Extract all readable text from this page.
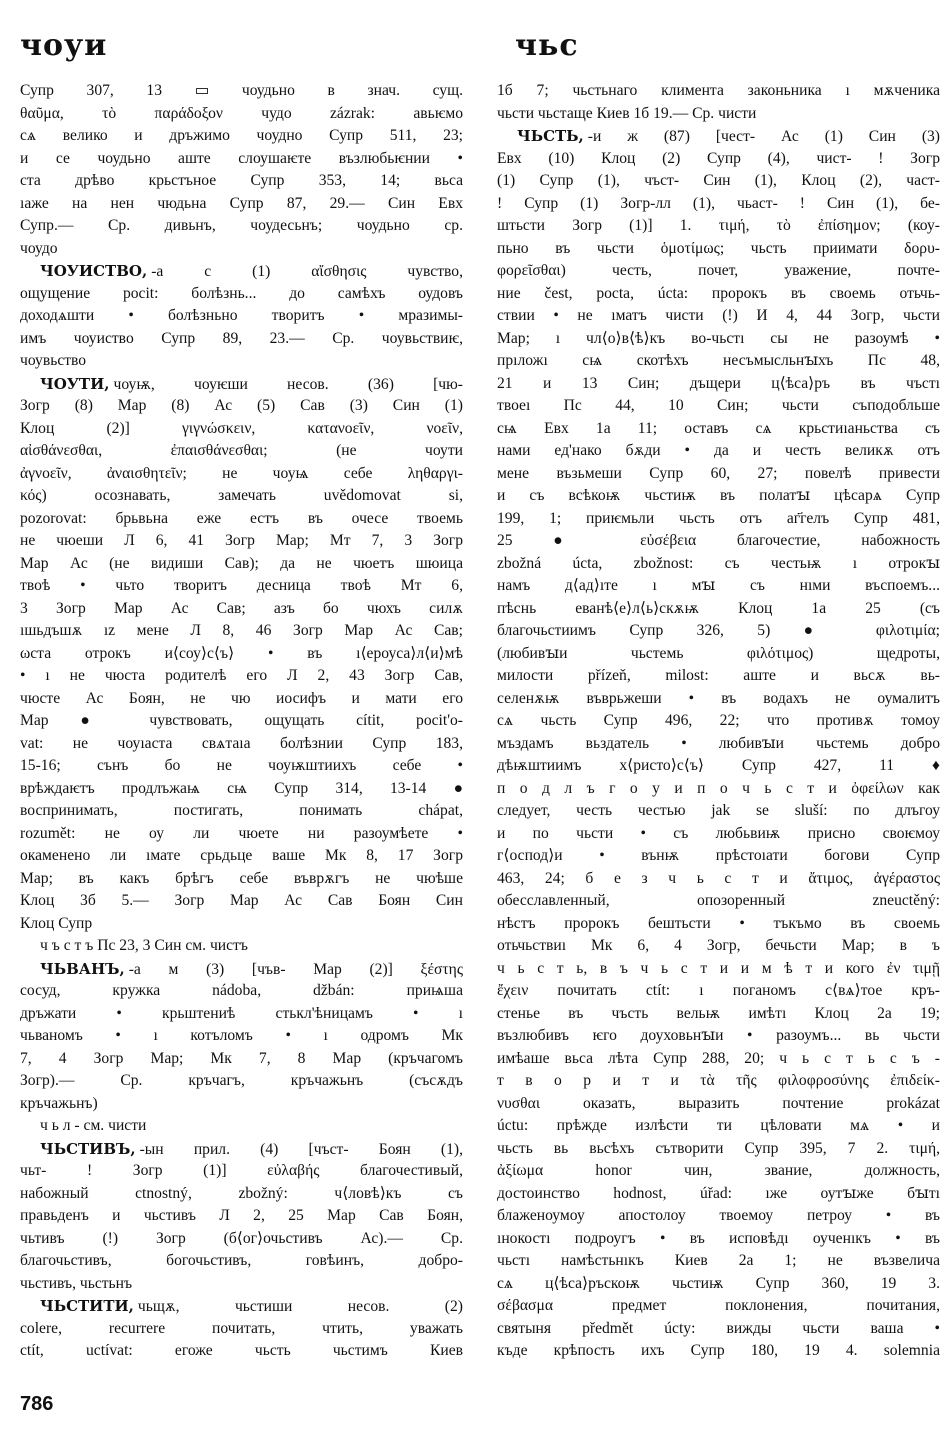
чоуи	чьс
Супр 307, 13 ▭ чоудьно в знач. сущ.
θαῦμα, τὸ παράδοξον чудо zázrak: авьѥмо
сѧ велико и дръжимо чоудно Супр 511, 23;
и се чоудьно аште слоушаѥте възлюбьѥнии •
ста дрѣво крьстъное Супр 353, 14; вьса
ıаже на нен чюдьна Супр 87, 29.— Син Евх
Супр.— Ср. дивьнъ, чоудесьнъ; чоудьно ср.
чоудо
ЧОУИСТВО, -а с (1) αἴσθησις чувство,
ощущение pocit: болѣзнь... до самѣхъ оудовъ
доходѧшти • болѣзньно творитъ • мразимы-
имъ чоуиство Супр 89, 23.— Ср. чоувьствиѥ,
чоувьство
ЧОУТИ, чоуѭ, чоуѥши несов. (36) [чю-
Зогр (8) Мар (8) Ас (5) Сав (3) Син (1)
Клоц (2)] γιγνώσκειν, κατανοεῖν, νοεῖν,
αἰσθάνεσθαι, ἐπαισθάνεσθαι; (не чоути
ἀγνοεῖν, ἀναισθητεῖν; не чоуѩ себе ληθαργι-
κός) осознавать, замечать uvědomovat si,
pozorovat: брьвьна еже естъ въ очесе твоемь
не чюеши Л 6, 41 Зогр Мар; Мт 7, 3 Зогр
Мар Ас (не видиши Сав); да не чюетъ шюица
твоѣ • чьто творитъ десница твоѣ Мт 6,
3 Зогр Мар Ас Сав; азъ бо чюхъ силѫ
ıшьдъшѫ ız мене Л 8, 46 Зогр Мар Ас Сав;
ωста отрокъ и⟨соу⟩с⟨ъ⟩ • въ ı⟨ероуса⟩л⟨и⟩мѣ
• ı не чюста родителѣ его Л 2, 43 Зогр Сав,
чюсте Ас Боян, не чю иосифъ и мати его
Мар ● чувствовать, ощущать cítit, pocit'o-
vat: не чоуıаста свѧтаıа болѣзнии Супр 183,
15-16; сънъ бо не чоуѭштиихъ себе •
врѣждаѥтъ продлъжаѩ сѩ Супр 314, 13-14 ●
воспринимать, постигать, понимать chápat,
rozumět: не оу ли чюете ни разоумѣете •
окаменено ли ıмате срьдьце ваше Мк 8, 17 Зогр
Мар; въ какъ брѣгъ себе въврѫгъ не чюѣше
Клоц 3б 5.— Зогр Мар Ас Сав Боян Син
Клоц Супр
ч ъ с т ъ Пс 23, 3 Син см. чистъ
ЧЬВАНЪ, -а м (3) [чъв- Мар (2)] ξέστης
сосуд, кружка nádoba, džbán: приѩша
дръжати • крьштениѣ стькл'ѣницамъ • ı
чьваномъ • ı котъломъ • ı одромъ Мк
7, 4 Зогр Мар; Мк 7, 8 Мар (кръчагомъ
Зогр).— Ср. кръчагъ, кръчажьнъ (съсѫдъ
кръчажьнъ)
ч ь л - см. чисти
ЧЬСТИВЪ, -ын прил. (4) [чъст- Боян (1),
чьт- ! Зогр (1)] εὐλαβής благочестивый,
набожный ctnostný, zbožný: ч⟨ловѣ⟩къ съ
правьденъ и чьстивъ Л 2, 25 Мар Сав Боян,
чьтивъ (!) Зогр (б⟨ог⟩очьстивъ Ас).— Ср.
благочьстивъ, богочьстивъ, говѣинъ, добро-
чьстивъ, чьстьнъ
ЧЬСТИТИ, чьщѫ, чьстиши несов. (2)
colere, recurrere почитать, чтить, уважать
ctít, uctívat: егоже чьсть чьстимъ Киев
1б 7; чьстьнаго климента законьника ı мѫченика
чьсти чьстаще Киев 1б 19.— Ср. чисти
ЧЬСТЬ, -и ж (87) [чест- Ас (1) Син (3)
Евх (10) Клоц (2) Супр (4), чист- ! Зогр
(1) Супр (1), чъст- Син (1), Клоц (2), част-
! Супр (1) Зогр-лл (1), чьаст- ! Син (1), бе-
штьсти Зогр (1)] 1. τιμή, τὸ ἐπίσημον; (коу-
пьно въ чьсти ὁμοτίμως; чьсть приимати δορυ-
φορεῖσθαι) честь, почет, уважение, почте-
ние čest, pocta, úcta: пророкъ въ своемь отьчь-
ствии • не ıматъ чисти (!) И 4, 44 Зогр, чьсти
Мар; ı чл⟨о⟩в⟨ѣ⟩къ во-чьстı сы не разоумѣ •
прıложı сѩ скотѣхъ несъмысльнꙑхъ Пс 48,
21 и 13 Син; дъщери ц⟨ѣса⟩ръ въ чъстı
твоеı Пс 44, 10 Син; чьсти съподобльше
сѩ Евх 1а 11; оставъ сѧ крьстиıаньства съ
нами ед'нако бѫди • да и честь великѫ отъ
мене възьмеши Супр 60, 27; повелѣ привести
и съ всѣкоѭ чьстиѭ въ полатꙑ цѣсарѧ Супр
199, 1; приѥмьли чьсть отъ аг҃гелъ Супр 481,
25 ● εὐσέβεια благочестие, набожность
zbožná úcta, zbožnost: съ честьѭ ı отрокꙑ
намъ д⟨ад⟩ıте ı мꙑ съ нıми въспоемъ...
пѣснь еванѣ⟨е⟩л⟨ь⟩скѫѭ Клоц 1а 25 (съ
благочьстиимъ Супр 326, 5) ● φιλοτιμία;
(любивꙑи чьстемь φιλότιμος) щедроты,
милости přízeň, milost: аште и вьсѫ вь-
селенѫѭ въврьжеши • въ водахъ не оумалитъ
сѧ чьсть Супр 496, 22; что противѫ томоу
мъздамъ вьздатель • любивꙑи чьстемь добро
дѣѭштиимъ х⟨ристо⟩с⟨ъ⟩ Супр 427, 11 ♦
п о д л ъ г о у и п о ч ь с т и ὀφείλων как
следует, честь честью jak se sluší: по длъгоу
и по чьсти • съ любьвиѭ присно своѥмоу
г⟨оспод⟩и • вънѭ прѣстоıати богови Супр
463, 24; б е з ч ь с т и ἄτιμος, ἀγέραστος
обесславленный, опозоренный zneuctěný:
нѣстъ пророкъ бештьсти • тъкъмо въ своемь
отьчьствиı Мк 6, 4 Зогр, бечьсти Мар; в ъ
ч ь с т ь, в ъ ч ь с т и и м ѣ т и кого ἐν τιμῇ
ἔχειν почитать ctít: ı поганомъ с⟨вѧ⟩тое кръ-
стенье въ чъсть вельѭ имѣтı Клоц 2а 19;
възлюбивъ ѥго доуховьнꙑи • разоумъ... вь чьсти
имѣаше вьса лѣта Супр 288, 20; ч ь с т ь с ъ -
т в о р и т и τὰ τῆς φιλοφροσύνης ἐπιδείκ-
νυσθαι оказать, выразить почтение prokázat
úctu: прѣжде излѣсти ти цѣловати мѧ • и
чьсть вь вьсѣхъ сътворити Супр 395, 7 2. τιμή,
ἀξίωμα honor чин, звание, должность,
достоинство hodnost, úřad: ıже оутꙑже бꙑтı
блаженоумоу апостолоу твоемоу петроу • въ
ıнокостı подроугъ • въ исповѣдı оученıкъ • въ
чьстı намѣстьнıкъ Киев 2а 1; не възвелича
сѧ ц⟨ѣса⟩ръскоѭ чьстиѭ Супр 360, 19 3.
σέβασμα предмет поклонения, почитания,
святыня předmět úcty: вижды чьсти ваша •
къде крѣпость ихъ Супр 180, 19 4. solemnia
786
